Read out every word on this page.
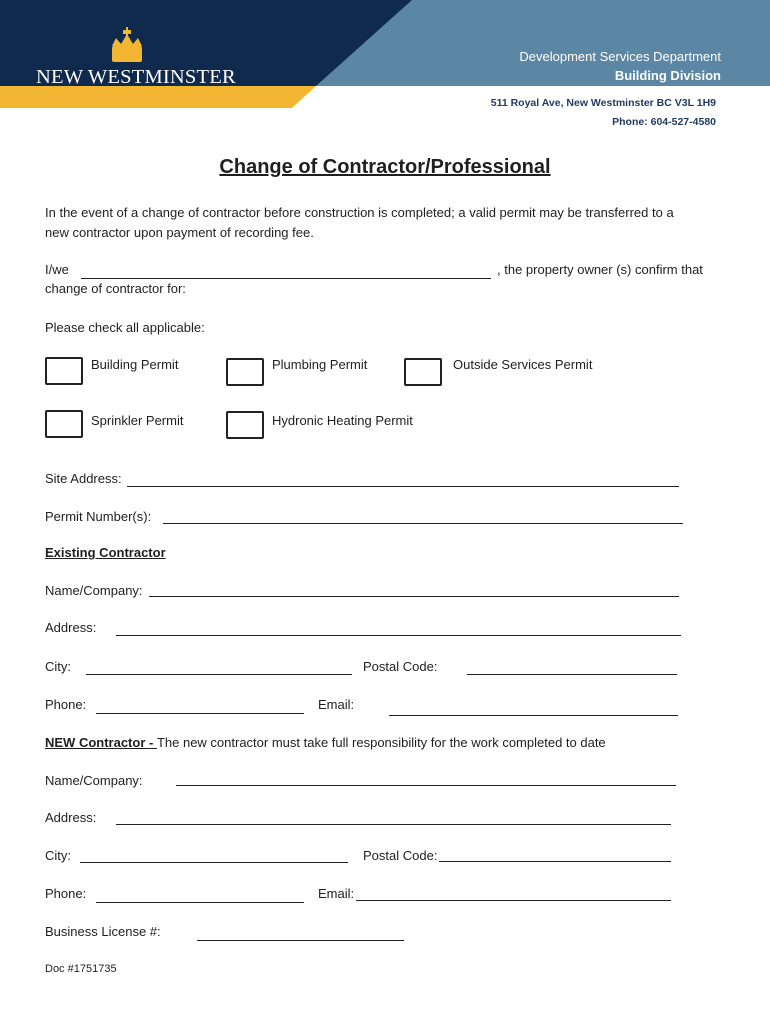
NEW WESTMINSTER
Development Services Department
Building Division
511 Royal Ave, New Westminster BC V3L 1H9
Phone: 604-527-4580
Change of Contractor/Professional
In the event of a change of contractor before construction is completed; a valid permit may be transferred to a
new contractor upon payment of recording fee.
I/we	, the property owner (s) confirm that
change of contractor for:
Please check all applicable:
Building Permit	Plumbing Permit	Outside Services Permit
Sprinkler Permit	Hydronic Heating Permit
Site Address:
Permit Number(s):
Existing Contractor
Name/Company:
Address:
City:	Postal Code:
Phone:	Email:
NEW Contractor - The new contractor must take full responsibility for the work completed to date
Name/Company:
Address:
City:	Postal Code:
Phone:	Email:
Business License #:
Doc #1751735
